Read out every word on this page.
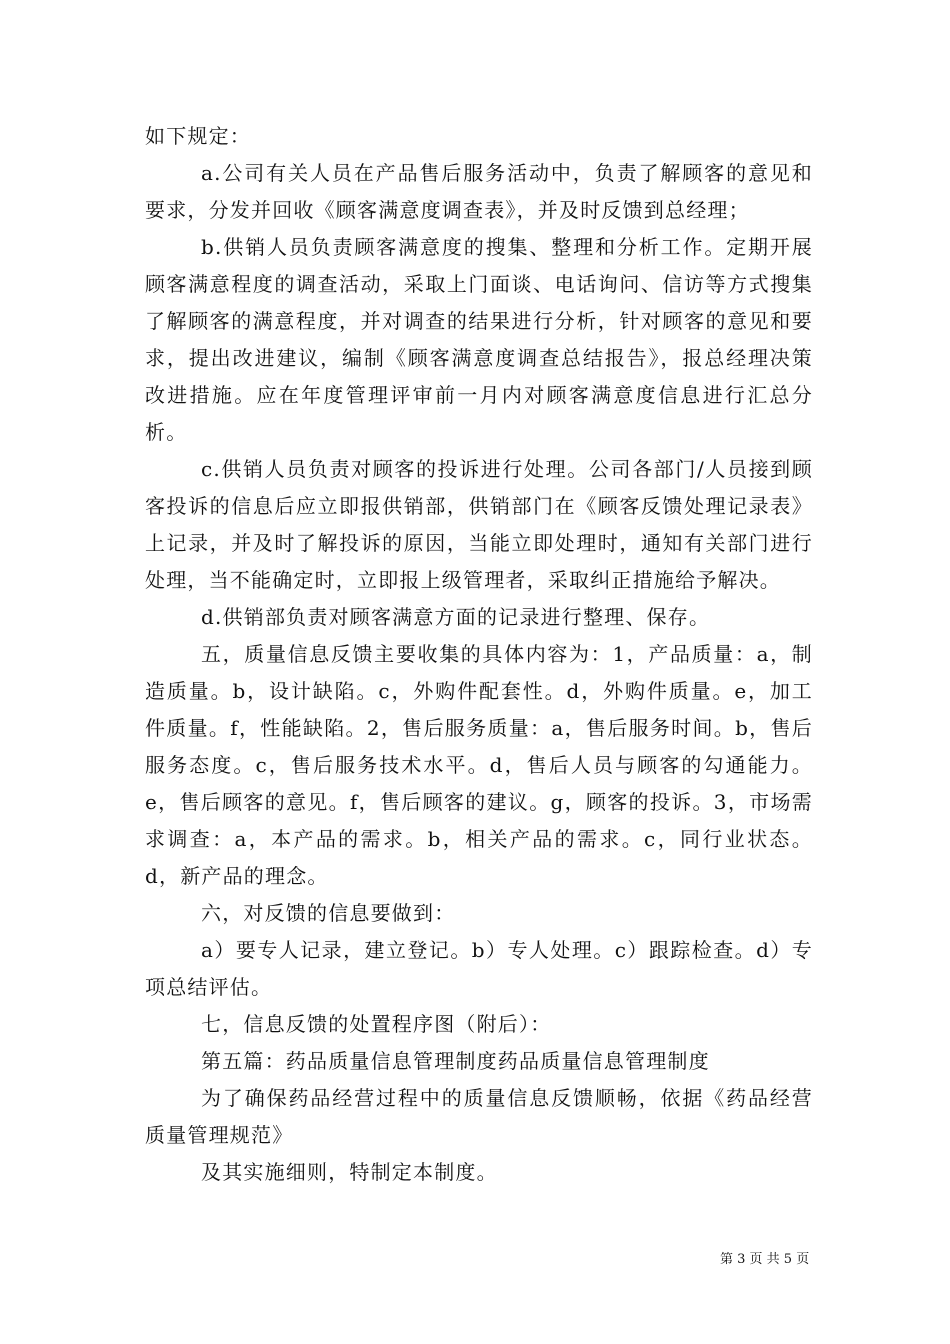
如下规定：

a.公司有关人员在产品售后服务活动中，负责了解顾客的意见和要求，分发并回收《顾客满意度调查表》，并及时反馈到总经理；

b.供销人员负责顾客满意度的搜集、整理和分析工作。定期开展顾客满意程度的调查活动，采取上门面谈、电话询问、信访等方式搜集了解顾客的满意程度，并对调查的结果进行分析，针对顾客的意见和要求，提出改进建议，编制《顾客满意度调查总结报告》，报总经理决策改进措施。应在年度管理评审前一月内对顾客满意度信息进行汇总分析。

c.供销人员负责对顾客的投诉进行处理。公司各部门/人员接到顾客投诉的信息后应立即报供销部，供销部门在《顾客反馈处理记录表》上记录，并及时了解投诉的原因，当能立即处理时，通知有关部门进行处理，当不能确定时，立即报上级管理者，采取纠正措施给予解决。

d.供销部负责对顾客满意方面的记录进行整理、保存。

五，质量信息反馈主要收集的具体内容为：1，产品质量：a，制造质量。b，设计缺陷。c，外购件配套性。d，外购件质量。e，加工件质量。f，性能缺陷。2，售后服务质量：a，售后服务时间。b，售后服务态度。c，售后服务技术水平。d，售后人员与顾客的勾通能力。e，售后顾客的意见。f，售后顾客的建议。g，顾客的投诉。3，市场需求调查：a，本产品的需求。b，相关产品的需求。c，同行业状态。d，新产品的理念。

六，对反馈的信息要做到：

a）要专人记录，建立登记。b）专人处理。c）跟踪检查。d）专项总结评估。

七，信息反馈的处置程序图（附后）：

第五篇：药品质量信息管理制度药品质量信息管理制度

为了确保药品经营过程中的质量信息反馈顺畅，依据《药品经营质量管理规范》

及其实施细则，特制定本制度。

第 3 页 共 5 页
